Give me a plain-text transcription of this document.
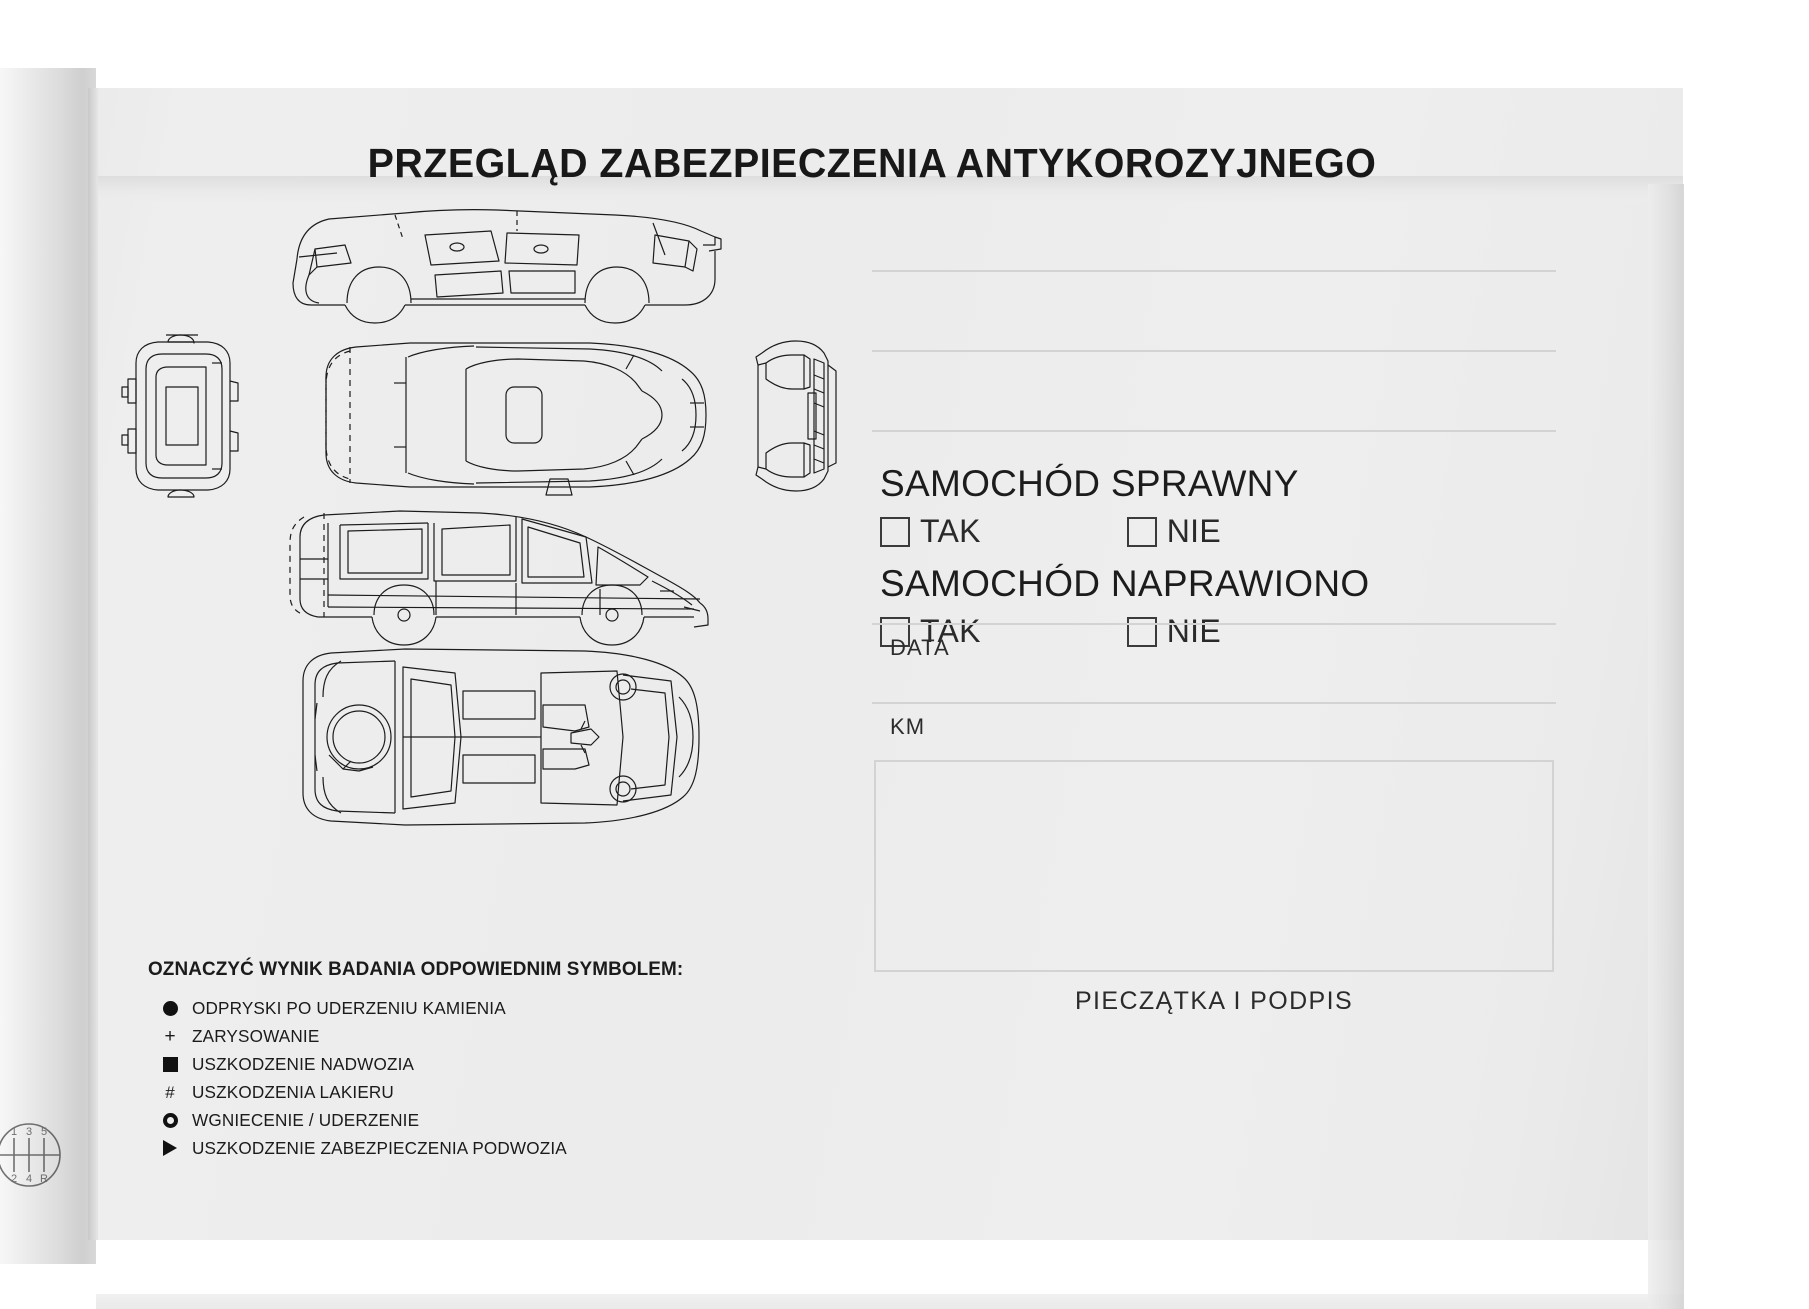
PRZEGLĄD ZABEZPIECZENIA ANTYKOROZYJNEGO
OZNACZYĆ WYNIK BADANIA ODPOWIEDNIM SYMBOLEM:
ODPRYSKI PO UDERZENIU KAMIENIA
+ ZARYSOWANIE
USZKODZENIE NADWOZIA
# USZKODZENIA LAKIERU
WGNIECENIE / UDERZENIE
USZKODZENIE ZABEZPIECZENIA PODWOZIA
SAMOCHÓD SPRAWNY
TAK	NIE
SAMOCHÓD NAPRAWIONO
TAK	NIE
DATA
KM
PIECZĄTKA I PODPIS
1 3 5
2 4 R
